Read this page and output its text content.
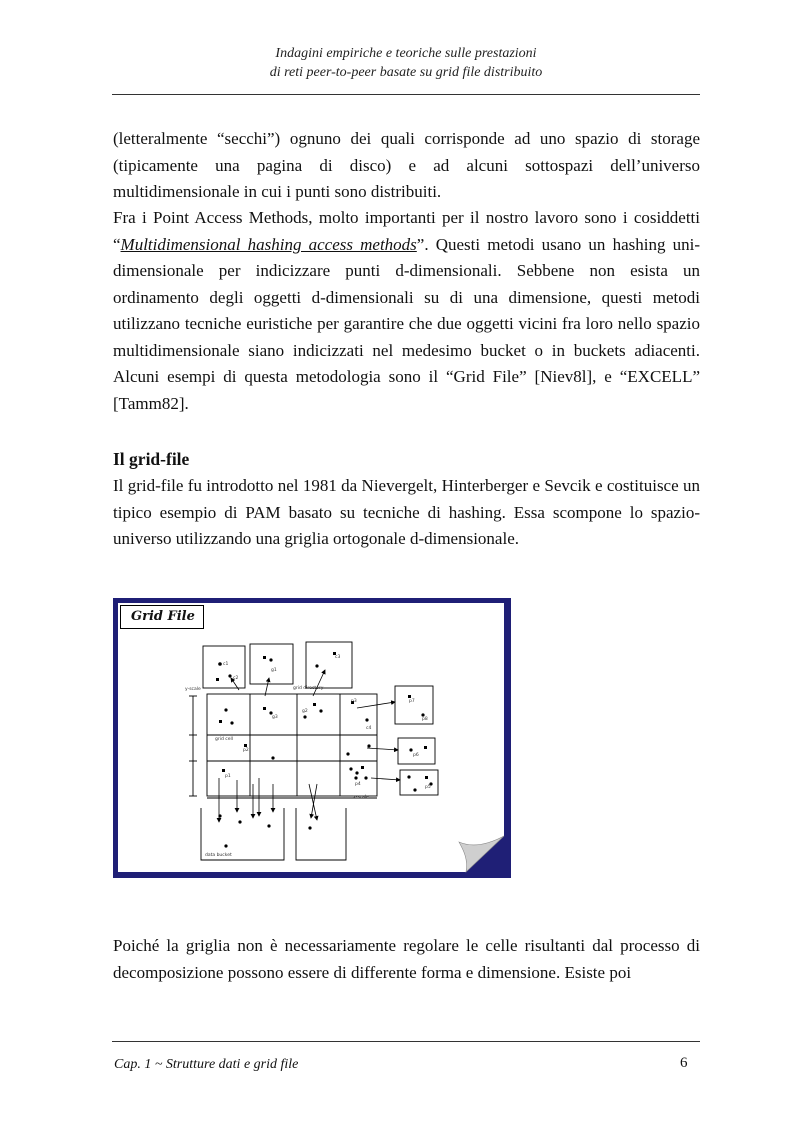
Indagini empiriche e teoriche sulle prestazioni
di reti peer-to-peer basate su grid file distribuito

(letteralmente “secchi”) ognuno dei quali corrisponde ad uno spazio di storage (tipicamente una pagina di disco) e ad alcuni sottospazi dell’universo multidimensionale in cui i punti sono distribuiti.

Fra i Point Access Methods, molto importanti per il nostro lavoro sono i cosiddetti “Multidimensional hashing access methods”. Questi metodi usano un hashing uni-dimensionale per indicizzare punti d-dimensionali. Sebbene non esista un ordinamento degli oggetti d-dimensionali su di una dimensione, questi metodi utilizzano tecniche euristiche per garantire che due oggetti vicini fra loro nello spazio multidimensionale siano indicizzati nel medesimo bucket o in buckets adiacenti. Alcuni esempi di questa metodologia sono il “Grid File” [Niev8l], e “EXCELL” [Tamm82].

Il grid-file

Il grid-file fu introdotto nel 1981 da Nievergelt, Hinterberger e Sevcik e costituisce un tipico esempio di PAM basato su tecniche di hashing. Essa scompone lo spazio-universo utilizzando una griglia ortogonale d-dimensionale.

Grid File
y-scale	grid directory
grid cell
x-scale
data bucket
c1
c2
c3
c4
g1
g2
g3
p1
p2
p3
p4
p5
p6
p7
p8

Poiché la griglia non è necessariamente regolare le celle risultanti dal processo di decomposizione possono essere di differente forma e dimensione. Esiste poi

Cap. 1 ~ Strutture dati e grid file	6
